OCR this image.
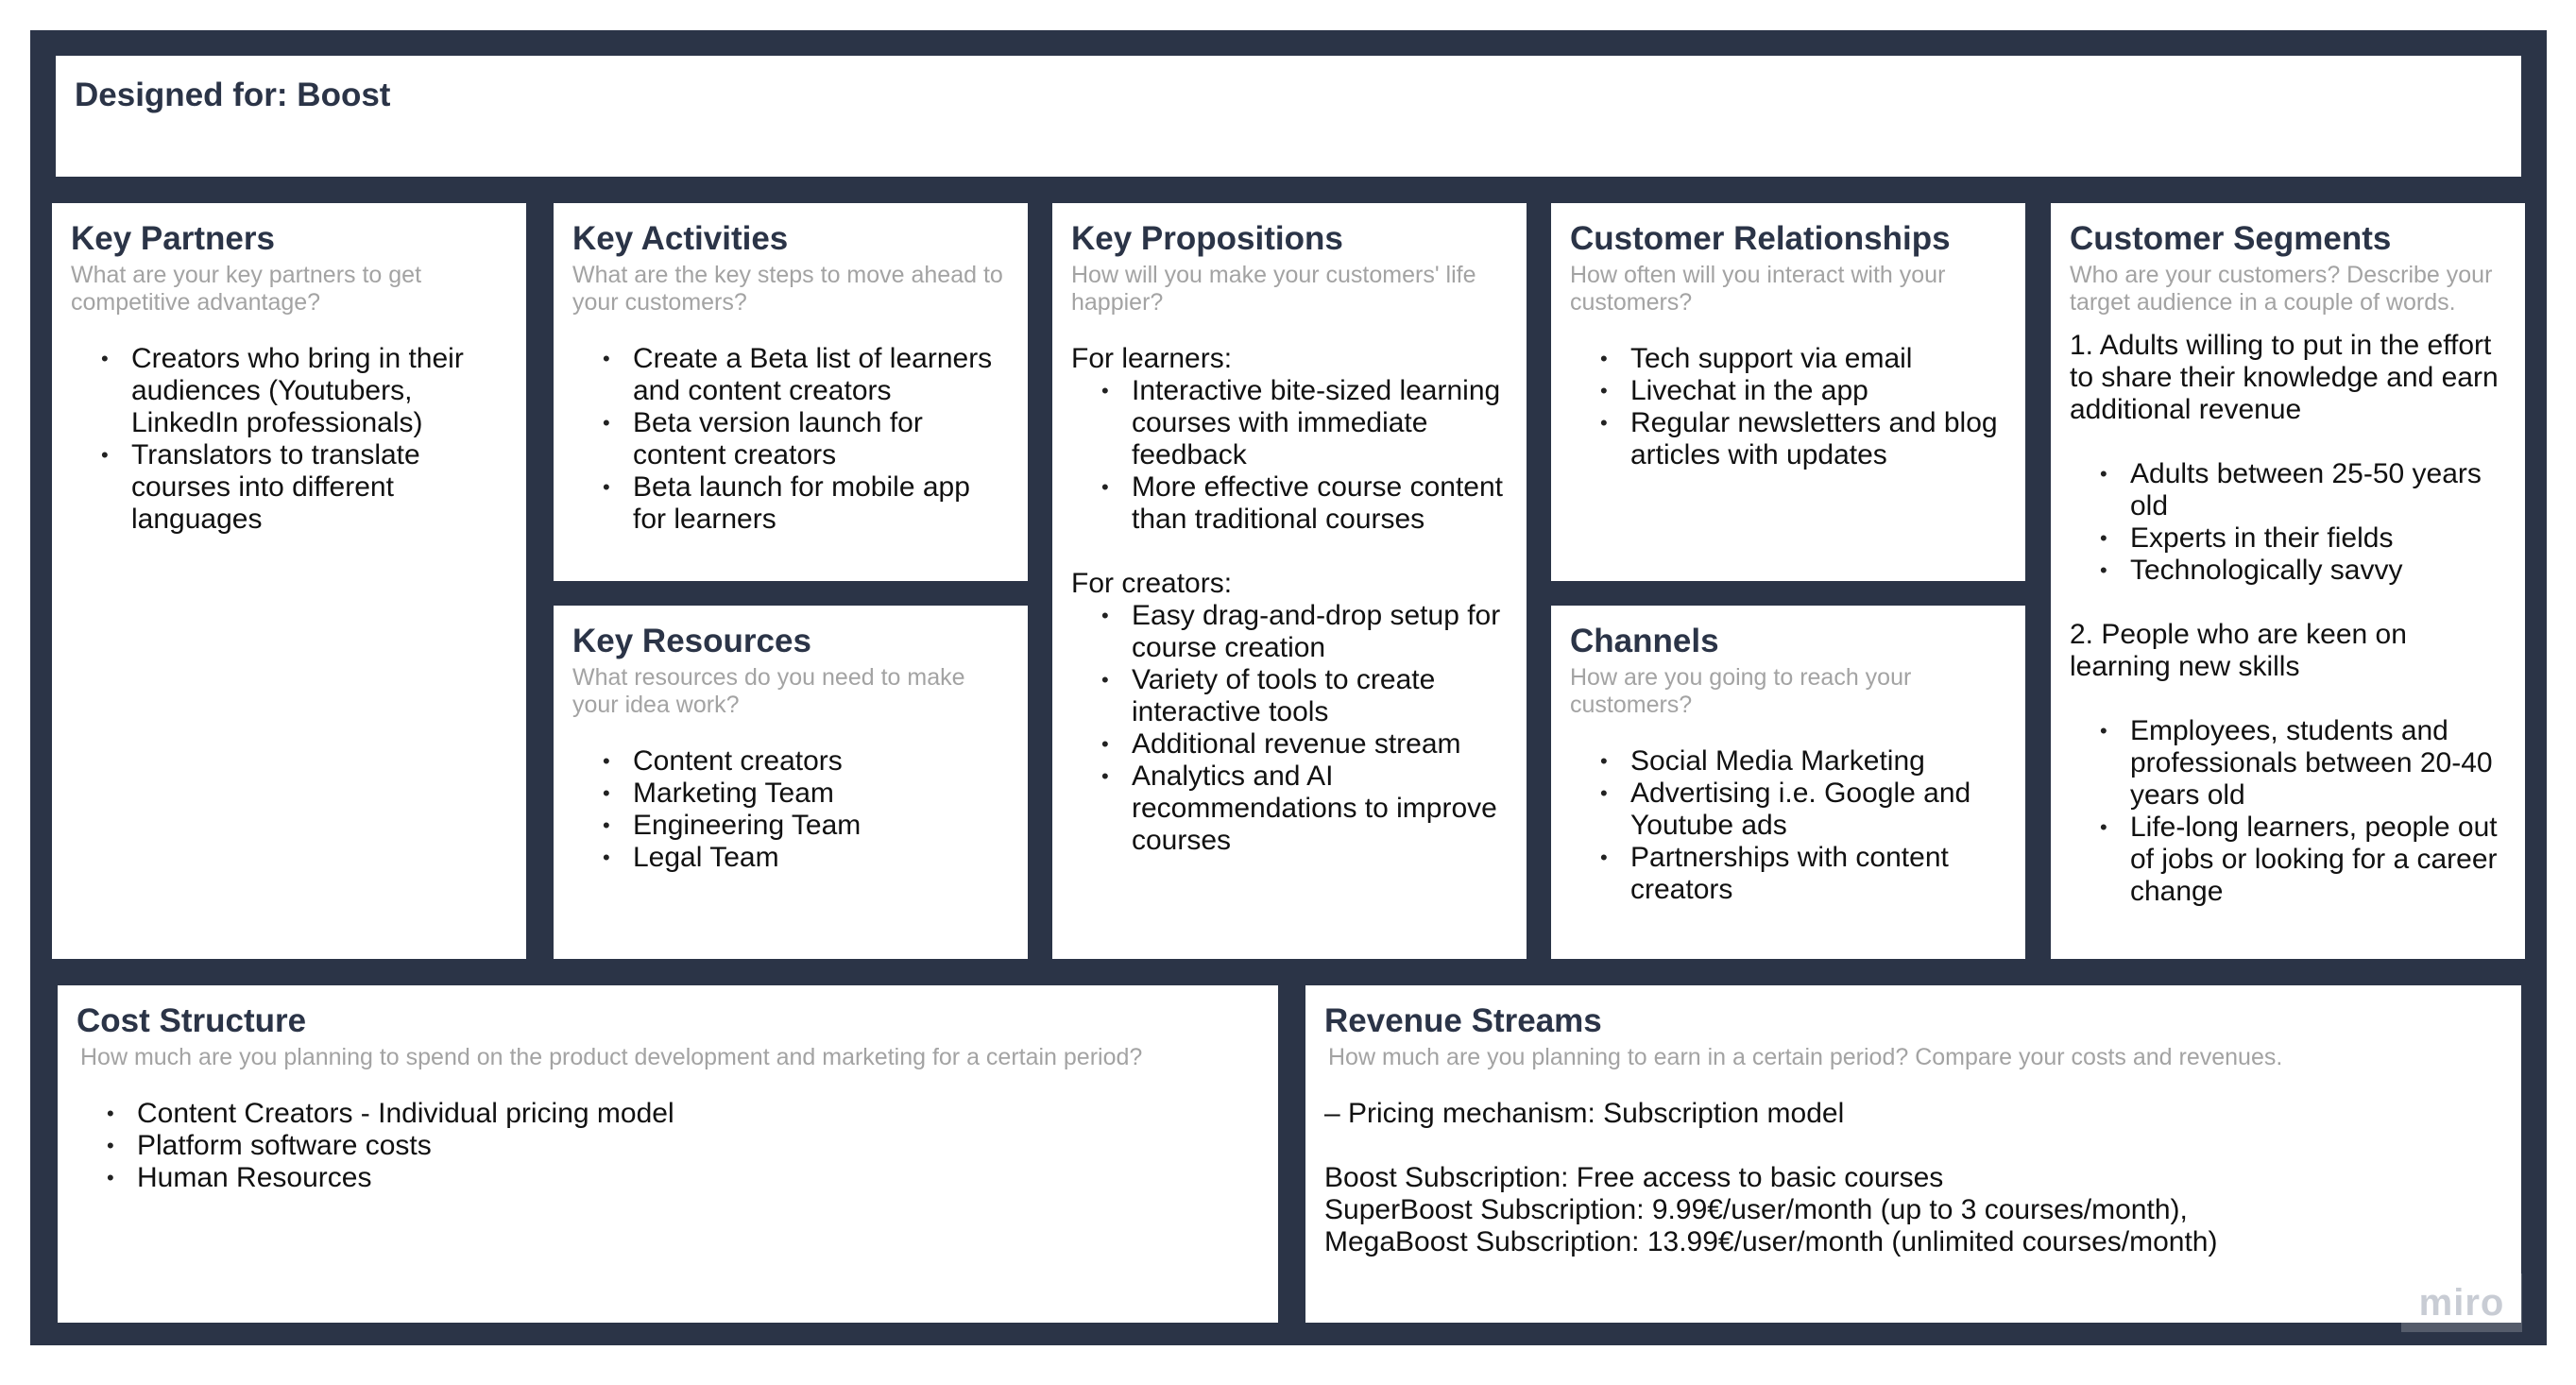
Designed for: Boost
Key Partners
What are your key partners to get competitive advantage?
• Creators who bring in their audiences (Youtubers, LinkedIn professionals)
• Translators to translate courses into different languages
Key Activities
What are the key steps to move ahead to your customers?
• Create a Beta list of learners and content creators
• Beta version launch for content creators
• Beta launch for mobile app for learners
Key Resources
What resources do you need to make your idea work?
• Content creators
• Marketing Team
• Engineering Team
• Legal Team
Key Propositions
How will you make your customers' life happier?

For learners:

• Interactive bite-sized learning courses with immediate feedback
• More effective course content than traditional courses

For creators:

• Easy drag-and-drop setup for course creation
• Variety of tools to create interactive tools
• Additional revenue stream
• Analytics and AI recommendations to improve courses
Customer Relationships
How often will you interact with your customers?
• Tech support via email
• Livechat in the app
• Regular newsletters and blog articles with updates
Channels
How are you going to reach your customers?
• Social Media Marketing
• Advertising i.e. Google and Youtube ads
• Partnerships with content creators
Customer Segments
Who are your customers? Describe your target audience in a couple of words.

1. Adults willing to put in the effort to share their knowledge and earn additional revenue

• Adults between 25-50 years old
• Experts in their fields
• Technologically savvy

2. People who are keen on learning new skills

• Employees, students and professionals between 20-40 years old
• Life-long learners, people out of jobs or looking for a career change
Cost Structure
How much are you planning to spend on the product development and marketing for a certain period?
• Content Creators - Individual pricing model
• Platform software costs
• Human Resources
Revenue Streams
How much are you planning to earn in a certain period? Compare your costs and revenues.

– Pricing mechanism: Subscription model

Boost Subscription: Free access to basic courses

SuperBoost Subscription: 9.99€/user/month (up to 3 courses/month),

MegaBoost Subscription: 13.99€/user/month (unlimited courses/month)

miro
